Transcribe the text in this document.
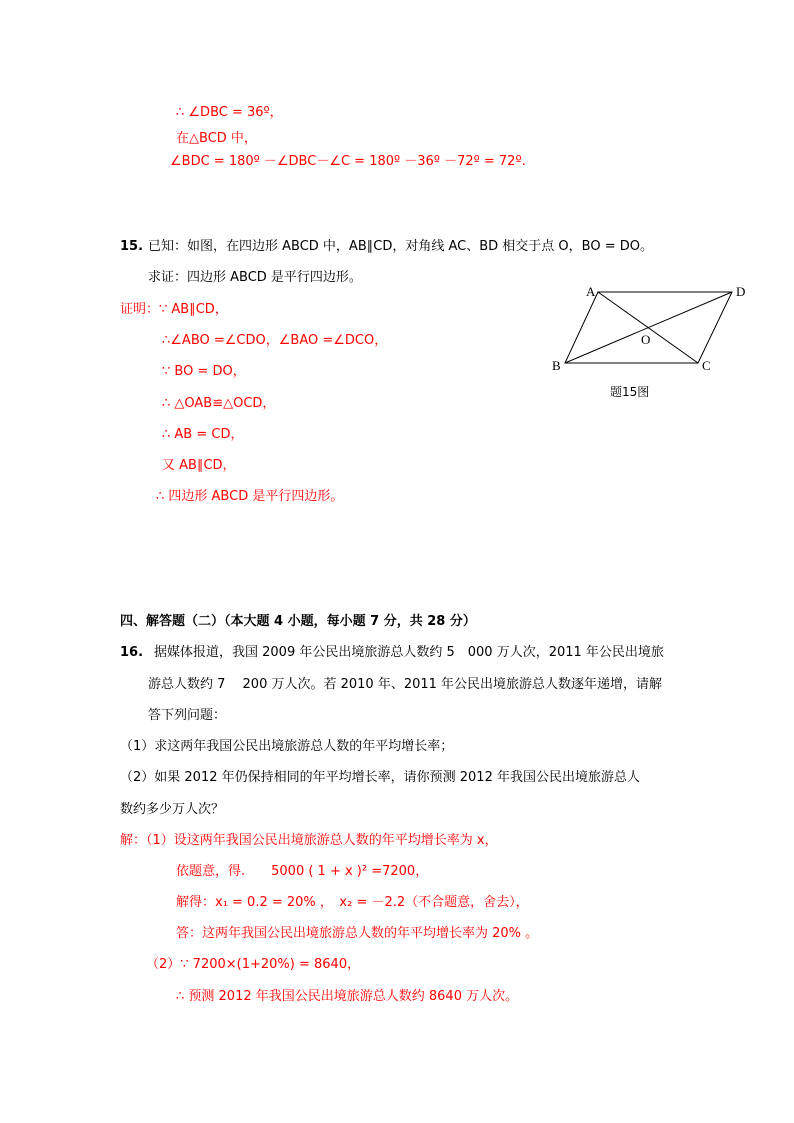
∴ ∠DBC = 36º，
在△BCD 中，
∠BDC = 180º －∠DBC－∠C = 180º －36º －72º = 72º.
15. 已知：如图，在四边形 ABCD 中，AB∥CD，对角线 AC、BD 相交于点 O，BO = DO。
求证：四边形 ABCD 是平行四边形。
证明：∵ AB∥CD，
∴∠ABO =∠CDO，∠BAO =∠DCO，
∵ BO = DO，
∴ △OAB≌△OCD，
∴ AB = CD，
又 AB∥CD，
∴ 四边形 ABCD 是平行四边形。
A	D
B	C
O
题15图
四、解答题（二）（本大题 4 小题，每小题 7 分，共 28 分）
16. 据媒体报道，我国 2009 年公民出境旅游总人数约 5　000 万人次，2011 年公民出境旅
游总人数约 7　 200 万人次。若 2010 年、2011 年公民出境旅游总人数逐年递增，请解
答下列问题：
（1）求这两年我国公民出境旅游总人数的年平均增长率；
（2）如果 2012 年仍保持相同的年平均增长率，请你预测 2012 年我国公民出境旅游总人
数约多少万人次？
解：（1）设这两年我国公民出境旅游总人数的年平均增长率为 x，
依题意，得.　　5000 ( 1 + x )² =7200，
解得：x₁ = 0.2 = 20% ，　x₂ = －2.2（不合题意，舍去），
答：这两年我国公民出境旅游总人数的年平均增长率为 20% 。
（2）∵ 7200×(1+20%) = 8640，
∴ 预测 2012 年我国公民出境旅游总人数约 8640 万人次。
